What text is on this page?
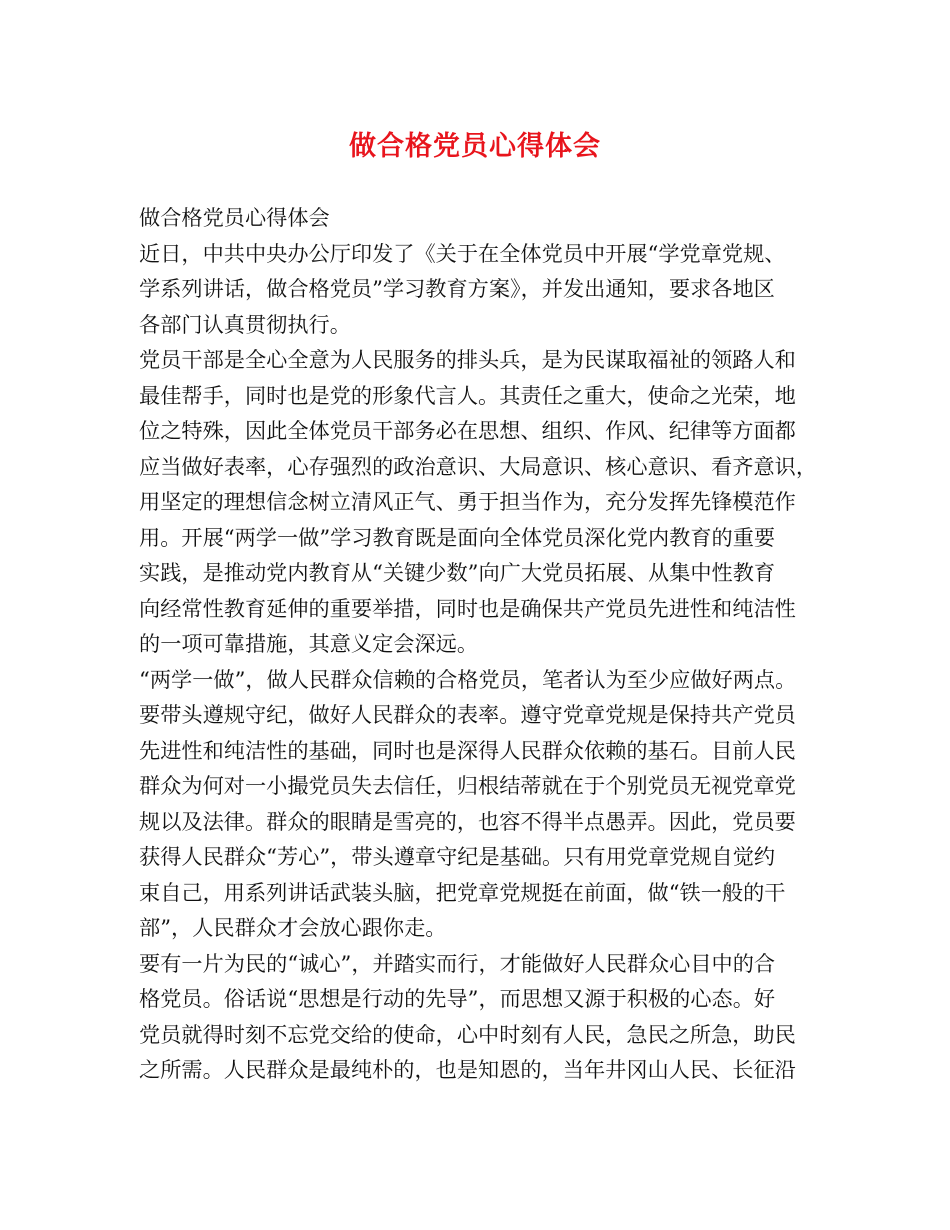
做合格党员心得体会
做合格党员心得体会
近日，中共中央办公厅印发了《关于在全体党员中开展“学党章党规、
学系列讲话，做合格党员”学习教育方案》，并发出通知，要求各地区
各部门认真贯彻执行。
党员干部是全心全意为人民服务的排头兵，是为民谋取福祉的领路人和
最佳帮手，同时也是党的形象代言人。其责任之重大，使命之光荣，地
位之特殊，因此全体党员干部务必在思想、组织、作风、纪律等方面都
应当做好表率，心存强烈的政治意识、大局意识、核心意识、看齐意识，
用坚定的理想信念树立清风正气、勇于担当作为，充分发挥先锋模范作
用。开展“两学一做”学习教育既是面向全体党员深化党内教育的重要
实践，是推动党内教育从“关键少数”向广大党员拓展、从集中性教育
向经常性教育延伸的重要举措，同时也是确保共产党员先进性和纯洁性
的一项可靠措施，其意义定会深远。
“两学一做”，做人民群众信赖的合格党员，笔者认为至少应做好两点。
要带头遵规守纪，做好人民群众的表率。遵守党章党规是保持共产党员
先进性和纯洁性的基础，同时也是深得人民群众依赖的基石。目前人民
群众为何对一小撮党员失去信任，归根结蒂就在于个别党员无视党章党
规以及法律。群众的眼睛是雪亮的，也容不得半点愚弄。因此，党员要
获得人民群众“芳心”，带头遵章守纪是基础。只有用党章党规自觉约
束自己，用系列讲话武装头脑，把党章党规挺在前面，做“铁一般的干
部”，人民群众才会放心跟你走。
要有一片为民的“诚心”，并踏实而行，才能做好人民群众心目中的合
格党员。俗话说“思想是行动的先导”，而思想又源于积极的心态。好
党员就得时刻不忘党交给的使命，心中时刻有人民，急民之所急，助民
之所需。人民群众是最纯朴的，也是知恩的，当年井冈山人民、长征沿
